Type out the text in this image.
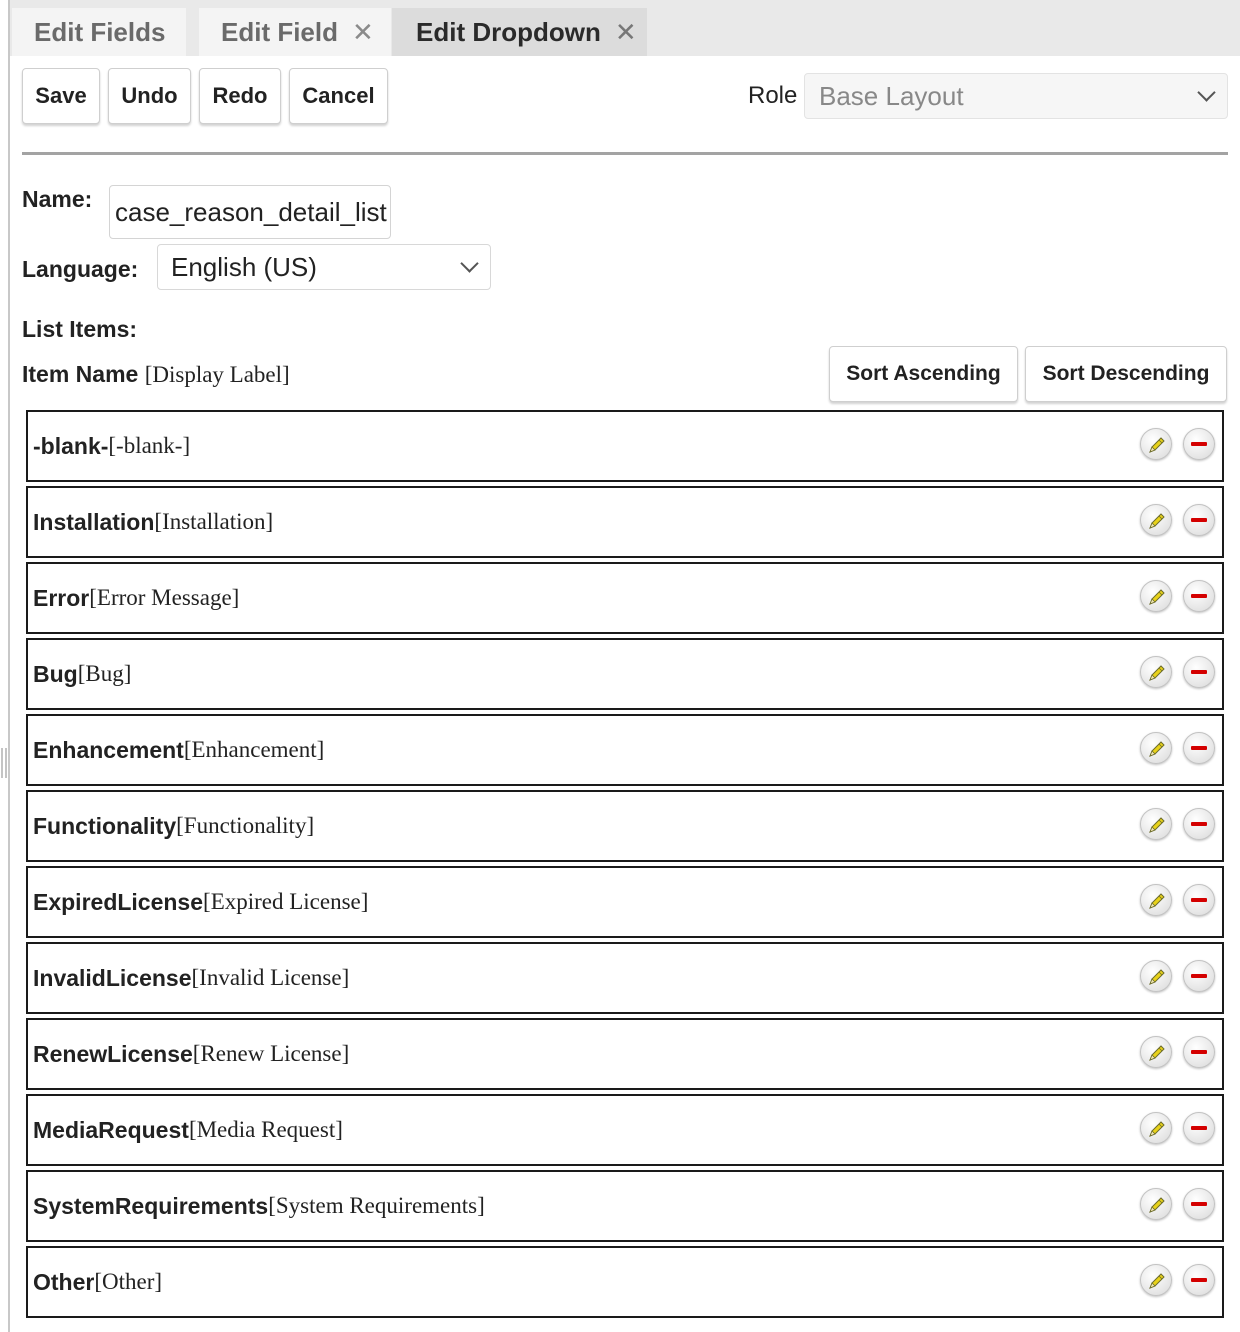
Edit Fields Edit Field ✕ Edit Dropdown ✕
Save	Undo	Redo	Cancel	Role Base Layout
Name:
case_reason_detail_list
Language: English (US)
List Items:
Item Name [Display Label]	Sort Ascending	Sort Descending
-blank- [-blank-]
Installation [Installation]
Error [Error Message]
Bug [Bug]
Enhancement [Enhancement]
Functionality [Functionality]
ExpiredLicense [Expired License]
InvalidLicense [Invalid License]
RenewLicense [Renew License]
MediaRequest [Media Request]
SystemRequirements [System Requirements]
Other [Other]
